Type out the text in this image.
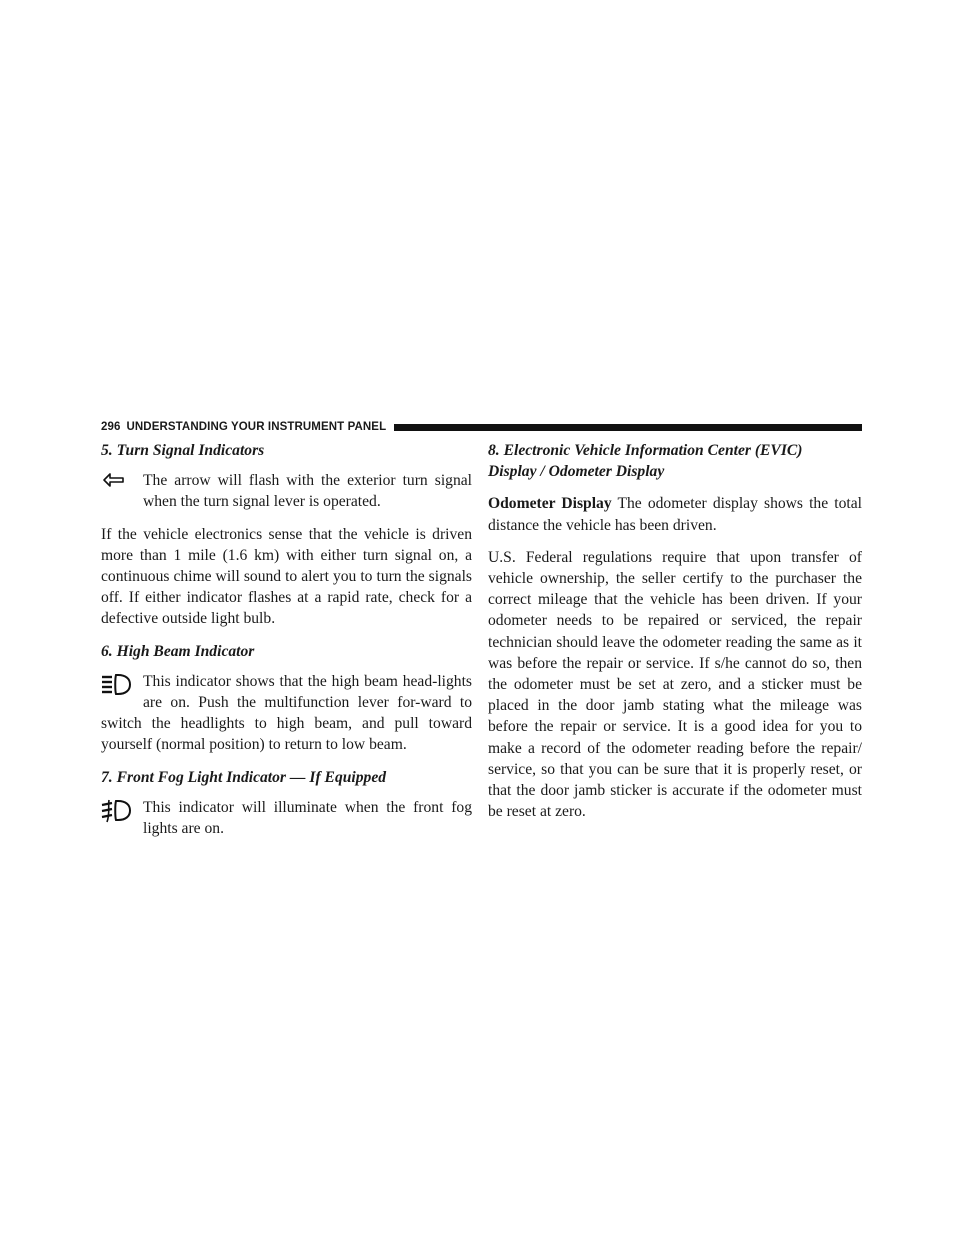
296 UNDERSTANDING YOUR INSTRUMENT PANEL

5. Turn Signal Indicators

The arrow will flash with the exterior turn signal when the turn signal lever is operated.

If the vehicle electronics sense that the vehicle is driven more than 1 mile (1.6 km) with either turn signal on, a continuous chime will sound to alert you to turn the signals off. If either indicator flashes at a rapid rate, check for a defective outside light bulb.

6. High Beam Indicator

This indicator shows that the high beam head-lights are on. Push the multifunction lever for-ward to switch the headlights to high beam, and pull toward yourself (normal position) to return to low beam.

7. Front Fog Light Indicator — If Equipped

This indicator will illuminate when the front fog lights are on.

8. Electronic Vehicle Information Center (EVIC)

Display / Odometer Display

Odometer Display The odometer display shows the total distance the vehicle has been driven.

U.S. Federal regulations require that upon transfer of vehicle ownership, the seller certify to the purchaser the correct mileage that the vehicle has been driven. If your odometer needs to be repaired or serviced, the repair technician should leave the odometer reading the same as it was before the repair or service. If s/he cannot do so, then the odometer must be set at zero, and a sticker must be placed in the door jamb stating what the mileage was before the repair or service. It is a good idea for you to make a record of the odometer reading before the repair/ service, so that you can be sure that it is properly reset, or that the door jamb sticker is accurate if the odometer must be reset at zero.
